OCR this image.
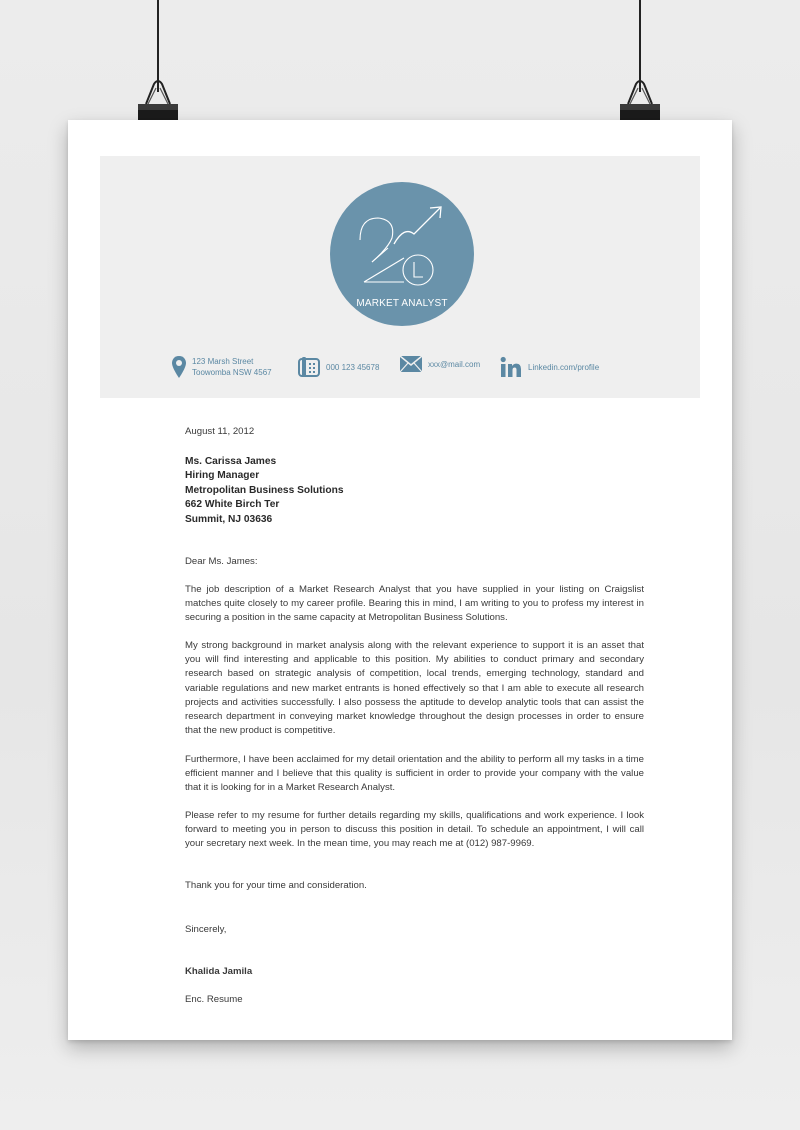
MARKET ANALYST
123 Marsh Street
Toowomba NSW 4567
000 123 45678	xxx@mail.com	Linkedin.com/profile

August 11, 2012

Ms. Carissa James
Hiring Manager
Metropolitan Business Solutions
662 White Birch Ter
Summit, NJ 03636

Dear Ms. James:

The job description of a Market Research Analyst that you have supplied in your listing on Craigslist matches quite closely to my career profile. Bearing this in mind, I am writing to you to profess my interest in securing a position in the same capacity at Metropolitan Business Solutions.

My strong background in market analysis along with the relevant experience to support it is an asset that you will find interesting and applicable to this position. My abilities to conduct primary and secondary research based on strategic analysis of competition, local trends, emerging technology, standard and variable regulations and new market entrants is honed effectively so that I am able to execute all research projects and activities successfully. I also possess the aptitude to develop analytic tools that can assist the research department in conveying market knowledge throughout the design processes in order to ensure that the new product is competitive.

Furthermore, I have been acclaimed for my detail orientation and the ability to perform all my tasks in a time efficient manner and I believe that this quality is sufficient in order to provide your company with the value that it is looking for in a Market Research Analyst.

Please refer to my resume for further details regarding my skills, qualifications and work experience. I look forward to meeting you in person to discuss this position in detail. To schedule an appointment, I will call your secretary next week. In the mean time, you may reach me at (012) 987-9969.

Thank you for your time and consideration.

Sincerely,

Khalida Jamila

Enc. Resume
